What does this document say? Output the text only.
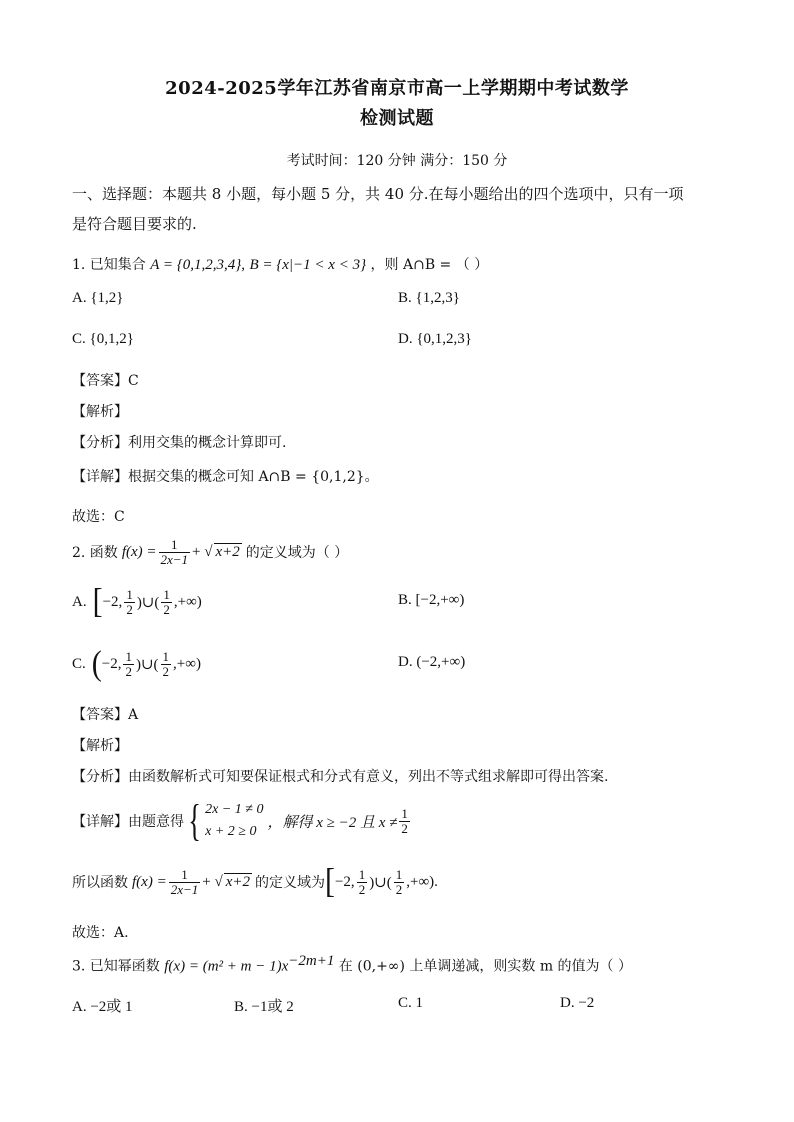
2024-2025学年江苏省南京市高一上学期期中考试数学
检测试题
考试时间：120 分钟 满分：150 分
一、选择题：本题共 8 小题，每小题 5 分，共 40 分.在每小题给出的四个选项中，只有一项
是符合题目要求的.
1. 已知集合 A = {0,1,2,3,4}, B = {x|−1 < x < 3} ，则 A∩B = （ ）
A. {1,2}	B. {1,2,3}
C. {0,1,2}	D. {0,1,2,3}
【答案】C
【解析】
【分析】利用交集的概念计算即可.
【详解】根据交集的概念可知 A∩B = {0,1,2}。
故选：C
2. 函数 $f(x) = \frac{1}{2x-1}$ + √ x+2 的定义域为（ ）
A. [ −2, $\frac{1}{2}$ )∪( $\frac{1}{2}$ ,+∞)	B. [−2,+∞)
C. ( −2, $\frac{1}{2}$ )∪( $\frac{1}{2}$ ,+∞)	D. (−2,+∞)
【答案】A
【解析】
【分析】由函数解析式可知要保证根式和分式有意义，列出不等式组求解即可得出答案.
【详解】由题意得 { 2x − 1 ≠ 0
x + 2 ≥ 0
，解得 x ≥ −2 且 $x \ne \frac{1}{2}$
所以函数 $f(x) = \frac{1}{2x-1}$ + √ x+2 的定义域为 [ −2, $\frac{1}{2}$ )∪( $\frac{1}{2}$ ,+∞) .
故选：A.
3. 已知幂函数 $f(x) = (m^2 + m - 1)x^{-2m+1}$ 在 (0,+∞) 上单调递减，则实数 m 的值为（ ）
A. −2或 1	B. −1或 2	C. 1	D. −2
